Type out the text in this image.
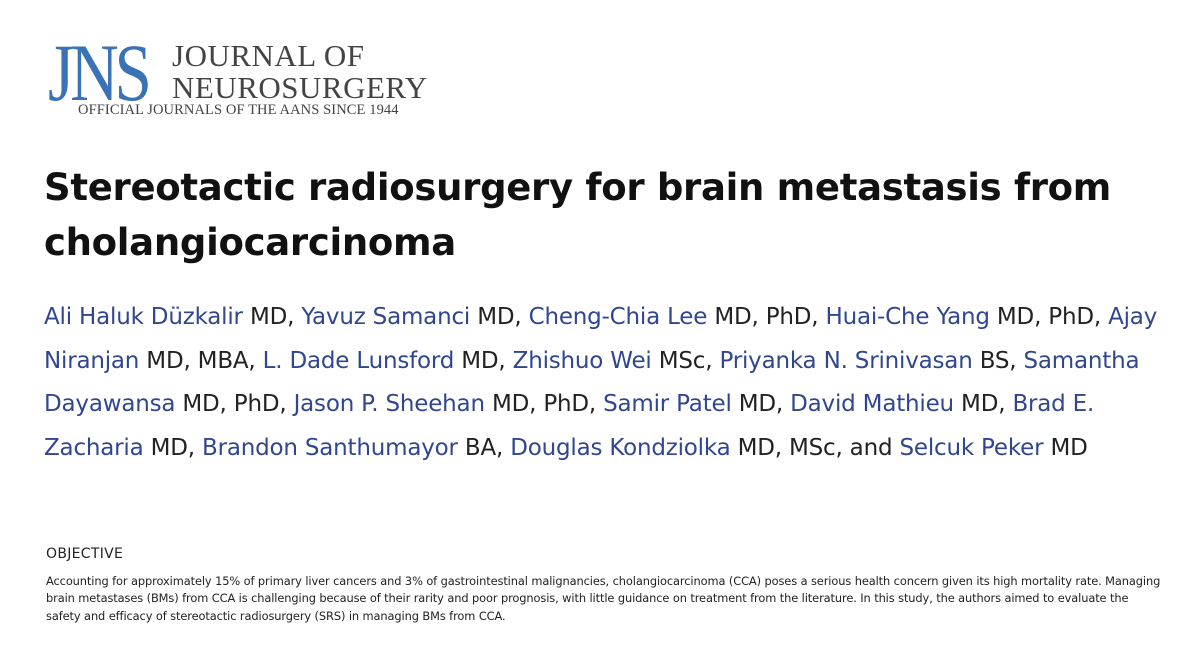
JNS JOURNAL OF
NEUROSURGERY
OFFICIAL JOURNALS OF THE AANS SINCE 1944
Stereotactic radiosurgery for brain metastasis from cholangiocarcinoma
Ali Haluk Düzkalir MD, Yavuz Samanci MD, Cheng-Chia Lee MD, PhD, Huai-Che Yang MD, PhD, Ajay Niranjan MD, MBA, L. Dade Lunsford MD, Zhishuo Wei MSc, Priyanka N. Srinivasan BS, Samantha Dayawansa MD, PhD, Jason P. Sheehan MD, PhD, Samir Patel MD, David Mathieu MD, Brad E. Zacharia MD, Brandon Santhumayor BA, Douglas Kondziolka MD, MSc, and Selcuk Peker MD
OBJECTIVE

Accounting for approximately 15% of primary liver cancers and 3% of gastrointestinal malignancies, cholangiocarcinoma (CCA) poses a serious health concern given its high mortality rate. Managing brain metastases (BMs) from CCA is challenging because of their rarity and poor prognosis, with little guidance on treatment from the literature. In this study, the authors aimed to evaluate the safety and efficacy of stereotactic radiosurgery (SRS) in managing BMs from CCA.
